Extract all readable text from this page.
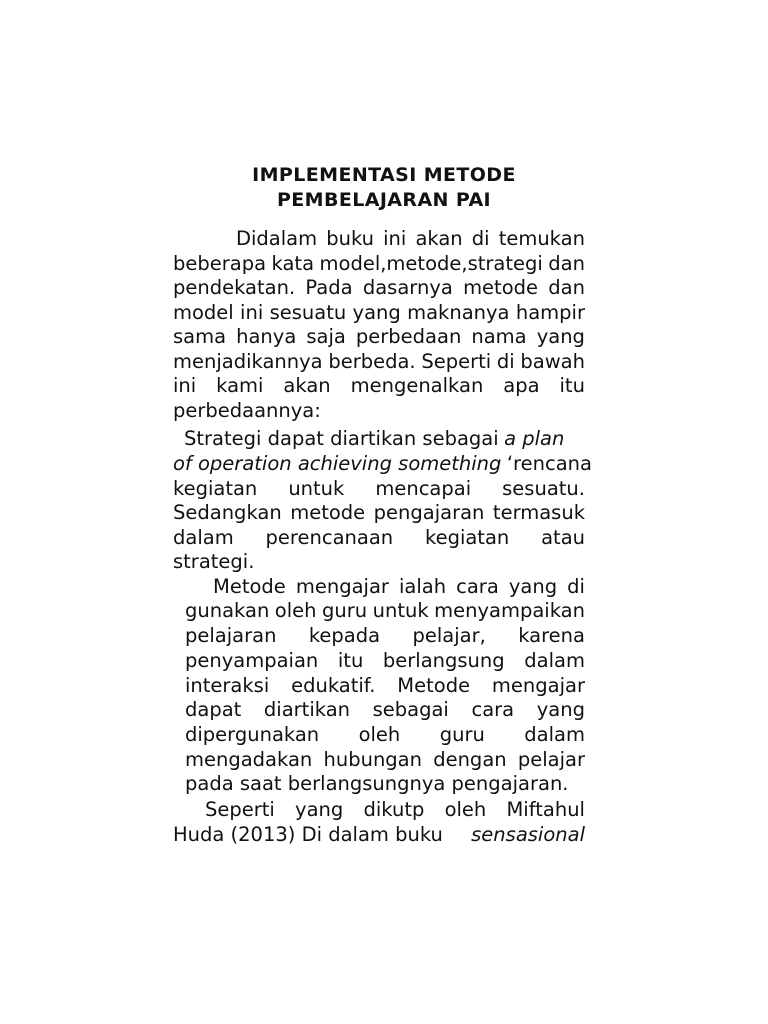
IMPLEMENTASI METODE
PEMBELAJARAN PAI
Didalam buku ini akan di temukan
beberapa kata model,metode,strategi dan
pendekatan. Pada dasarnya metode dan
model ini sesuatu yang maknanya hampir
sama hanya saja perbedaan nama yang
menjadikannya berbeda. Seperti di bawah
ini kami akan mengenalkan apa itu
perbedaannya:
Strategi dapat diartikan sebagai a plan
of operation achieving something ‘rencana
kegiatan untuk mencapai sesuatu.
Sedangkan metode pengajaran termasuk
dalam perencanaan kegiatan atau
strategi.
Metode mengajar ialah cara yang di
gunakan oleh guru untuk menyampaikan
pelajaran kepada pelajar, karena
penyampaian itu berlangsung dalam
interaksi edukatif. Metode mengajar
dapat diartikan sebagai cara yang
dipergunakan oleh guru dalam
mengadakan hubungan dengan pelajar
pada saat berlangsungnya pengajaran.
Seperti yang dikutp oleh Miftahul
Huda (2013) Di dalam buku sensasional
